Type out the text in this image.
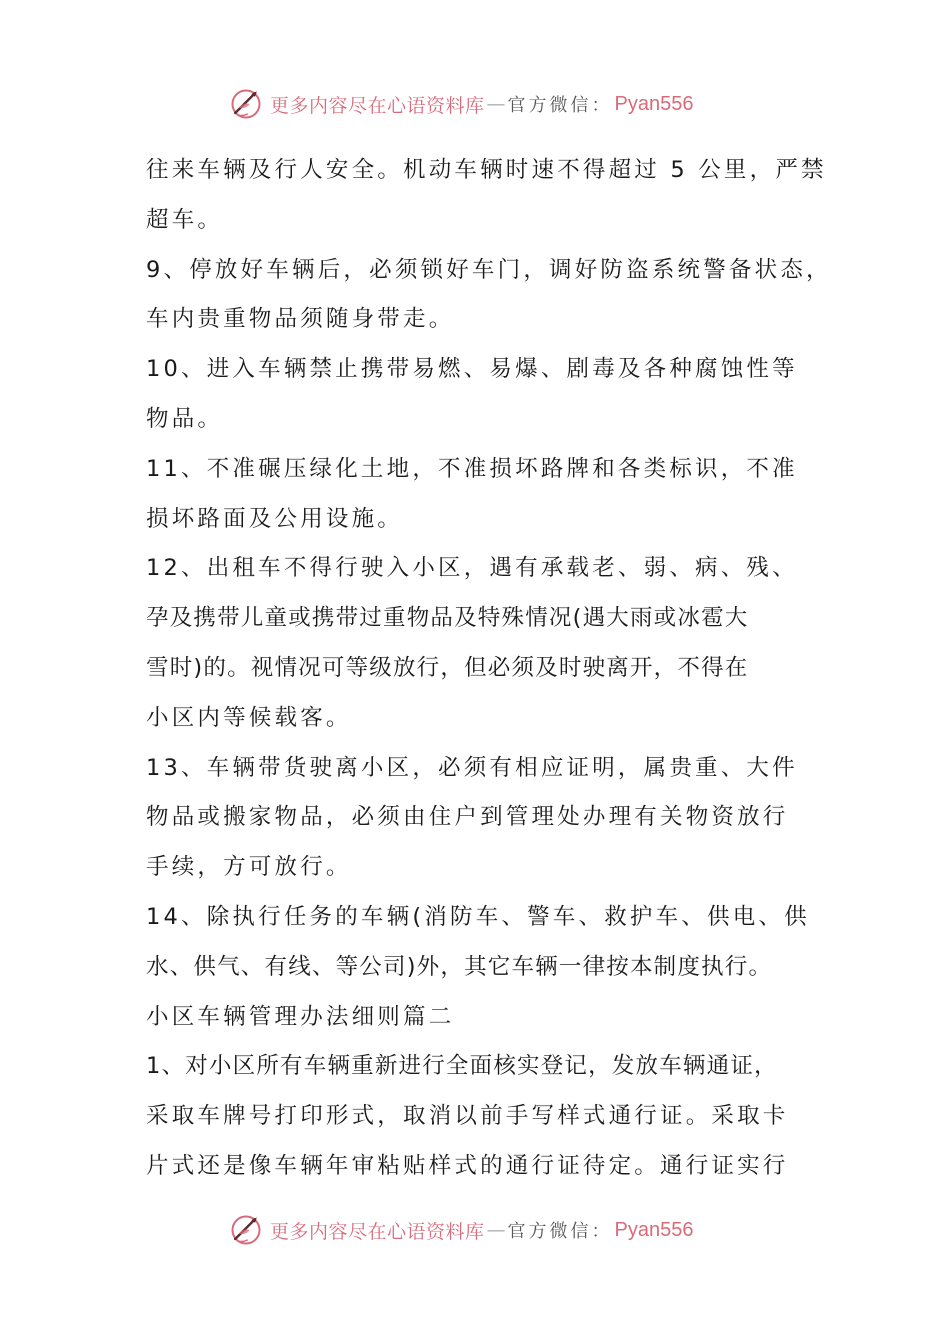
更多内容尽在心语资料库 — 官方微信： Pyan556
往来车辆及行人安全。机动车辆时速不得超过 5 公里，严禁
超车。
9、停放好车辆后，必须锁好车门，调好防盗系统警备状态，
车内贵重物品须随身带走。
10、进入车辆禁止携带易燃、易爆、剧毒及各种腐蚀性等
物品。
11、不准碾压绿化土地，不准损坏路牌和各类标识，不准
损坏路面及公用设施。
12、出租车不得行驶入小区，遇有承载老、弱、病、残、
孕及携带儿童或携带过重物品及特殊情况(遇大雨或冰雹大
雪时)的。视情况可等级放行，但必须及时驶离开，不得在
小区内等候载客。
13、车辆带货驶离小区，必须有相应证明，属贵重、大件
物品或搬家物品，必须由住户到管理处办理有关物资放行
手续，方可放行。
14、除执行任务的车辆(消防车、警车、救护车、供电、供
水、供气、有线、等公司)外，其它车辆一律按本制度执行。
小区车辆管理办法细则篇二
1、对小区所有车辆重新进行全面核实登记，发放车辆通证，
采取车牌号打印形式，取消以前手写样式通行证。采取卡
片式还是像车辆年审粘贴样式的通行证待定。通行证实行
更多内容尽在心语资料库 — 官方微信： Pyan556
